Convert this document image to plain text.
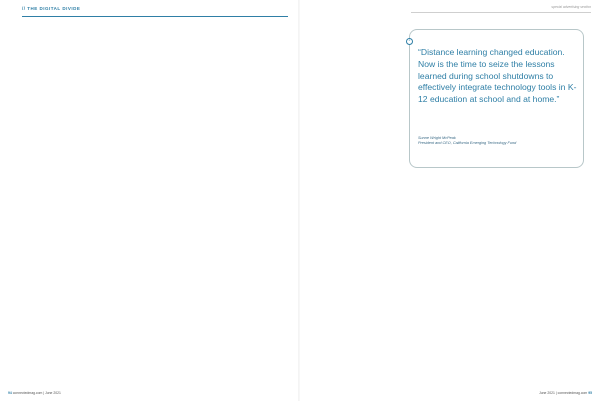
// THE DIGITAL DIVIDE
94 connectedmag.com | June 2021
special advertising section
“
“Distance learning changed education. Now is the time to seize the lessons learned during school shutdowns to effectively integrate technology tools in K-12 education at school and at home.”
Sunne Wright McPeak
President and CEO, California Emerging Technology Fund
June 2021 | connectedmag.com 95
